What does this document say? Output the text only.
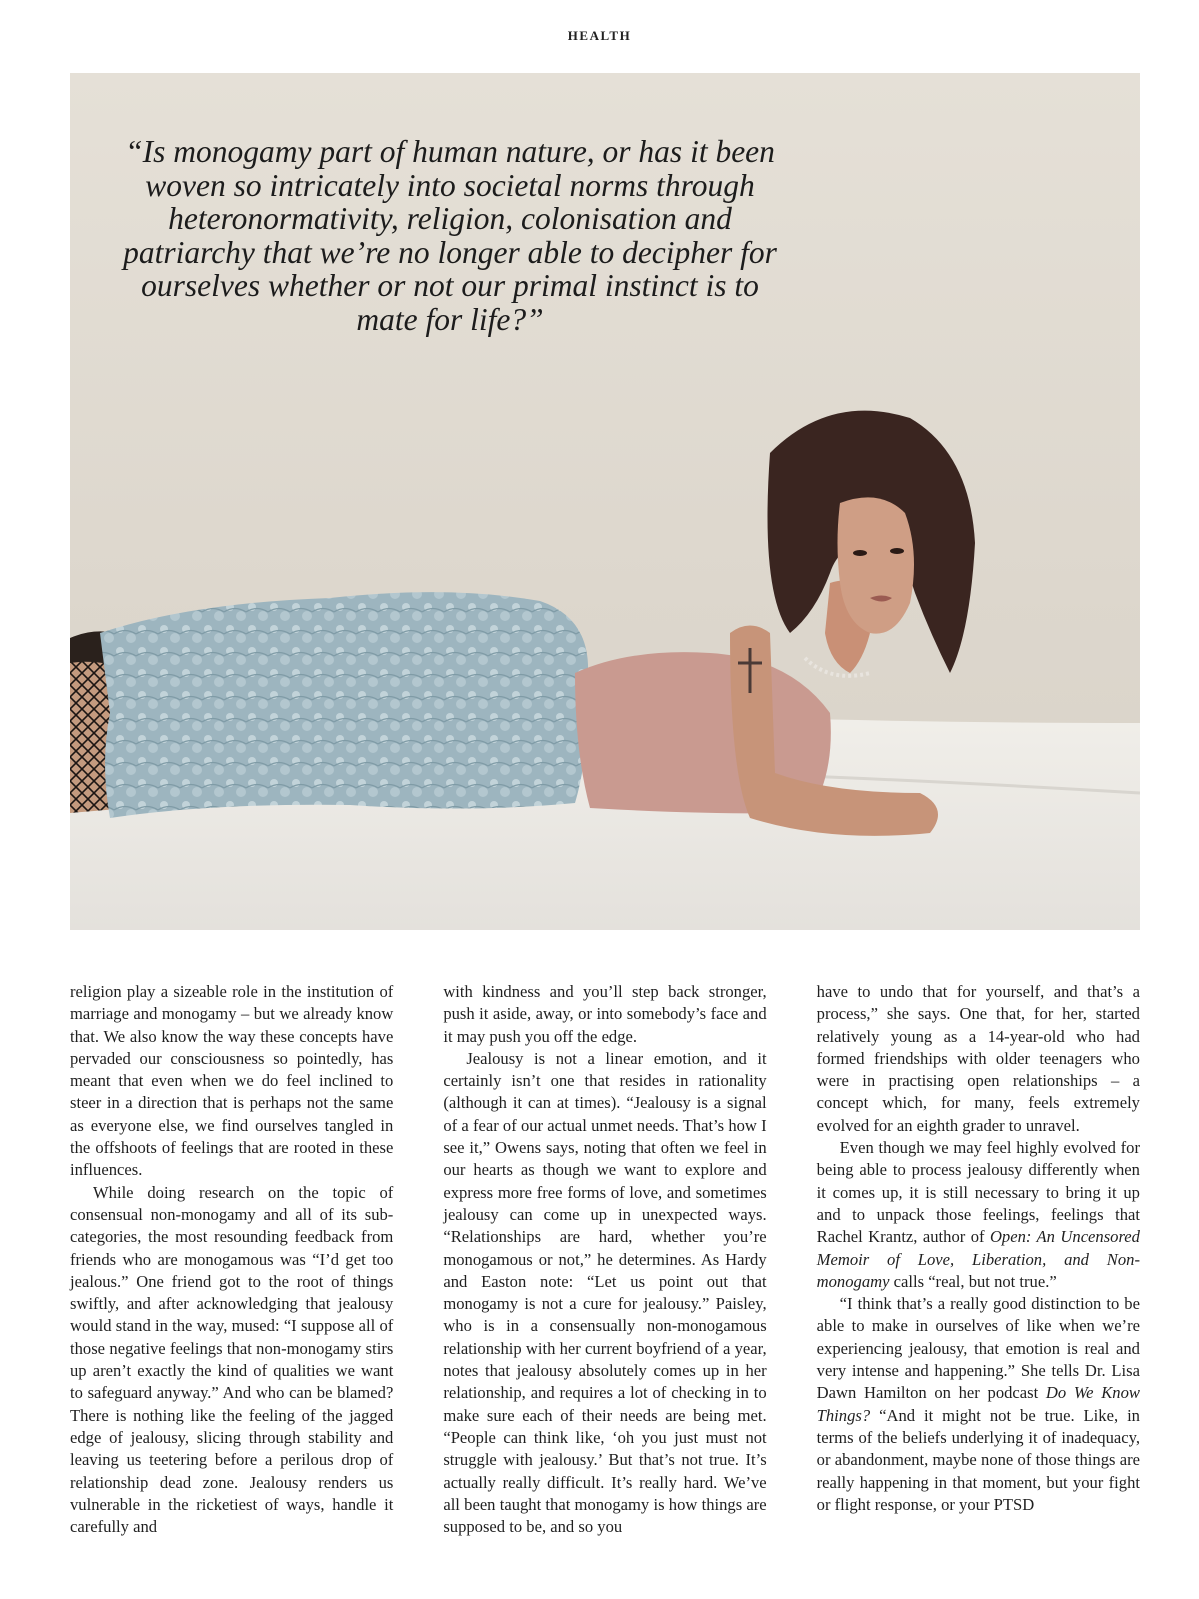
HEALTH

“Is monogamy part of human nature, or has it been woven so intricately into societal norms through heteronormativity, religion, colonisation and patriarchy that we’re no longer able to decipher for ourselves whether or not our primal instinct is to mate for life?”

religion play a sizeable role in the institution of marriage and monogamy – but we already know that. We also know the way these concepts have pervaded our consciousness so pointedly, has meant that even when we do feel inclined to steer in a direction that is perhaps not the same as everyone else, we find ourselves tangled in the offshoots of feelings that are rooted in these influences.

While doing research on the topic of consensual non-monogamy and all of its sub-categories, the most resounding feedback from friends who are monogamous was “I’d get too jealous.” One friend got to the root of things swiftly, and after acknowledging that jealousy would stand in the way, mused: “I suppose all of those negative feelings that non-monogamy stirs up aren’t exactly the kind of qualities we want to safeguard anyway.” And who can be blamed? There is nothing like the feeling of the jagged edge of jealousy, slicing through stability and leaving us teetering before a perilous drop of relationship dead zone. Jealousy renders us vulnerable in the ricketiest of ways, handle it carefully and

with kindness and you’ll step back stronger, push it aside, away, or into somebody’s face and it may push you off the edge.

Jealousy is not a linear emotion, and it certainly isn’t one that resides in rationality (although it can at times). “Jealousy is a signal of a fear of our actual unmet needs. That’s how I see it,” Owens says, noting that often we feel in our hearts as though we want to explore and express more free forms of love, and sometimes jealousy can come up in unexpected ways. “Relationships are hard, whether you’re monogamous or not,” he determines. As Hardy and Easton note: “Let us point out that monogamy is not a cure for jealousy.” Paisley, who is in a consensually non-monogamous relationship with her current boyfriend of a year, notes that jealousy absolutely comes up in her relationship, and requires a lot of checking in to make sure each of their needs are being met. “People can think like, ‘oh you just must not struggle with jealousy.’ But that’s not true. It’s actually really difficult. It’s really hard. We’ve all been taught that monogamy is how things are supposed to be, and so you

have to undo that for yourself, and that’s a process,” she says. One that, for her, started relatively young as a 14-year-old who had formed friendships with older teenagers who were in practising open relationships – a concept which, for many, feels extremely evolved for an eighth grader to unravel.

Even though we may feel highly evolved for being able to process jealousy differently when it comes up, it is still necessary to bring it up and to unpack those feelings, feelings that Rachel Krantz, author of Open: An Uncensored Memoir of Love, Liberation, and Non-monogamy calls “real, but not true.”

“I think that’s a really good distinction to be able to make in ourselves of like when we’re experiencing jealousy, that emotion is real and very intense and happening.” She tells Dr. Lisa Dawn Hamilton on her podcast Do We Know Things? “And it might not be true. Like, in terms of the beliefs underlying it of inadequacy, or abandonment, maybe none of those things are really happening in that moment, but your fight or flight response, or your PTSD
